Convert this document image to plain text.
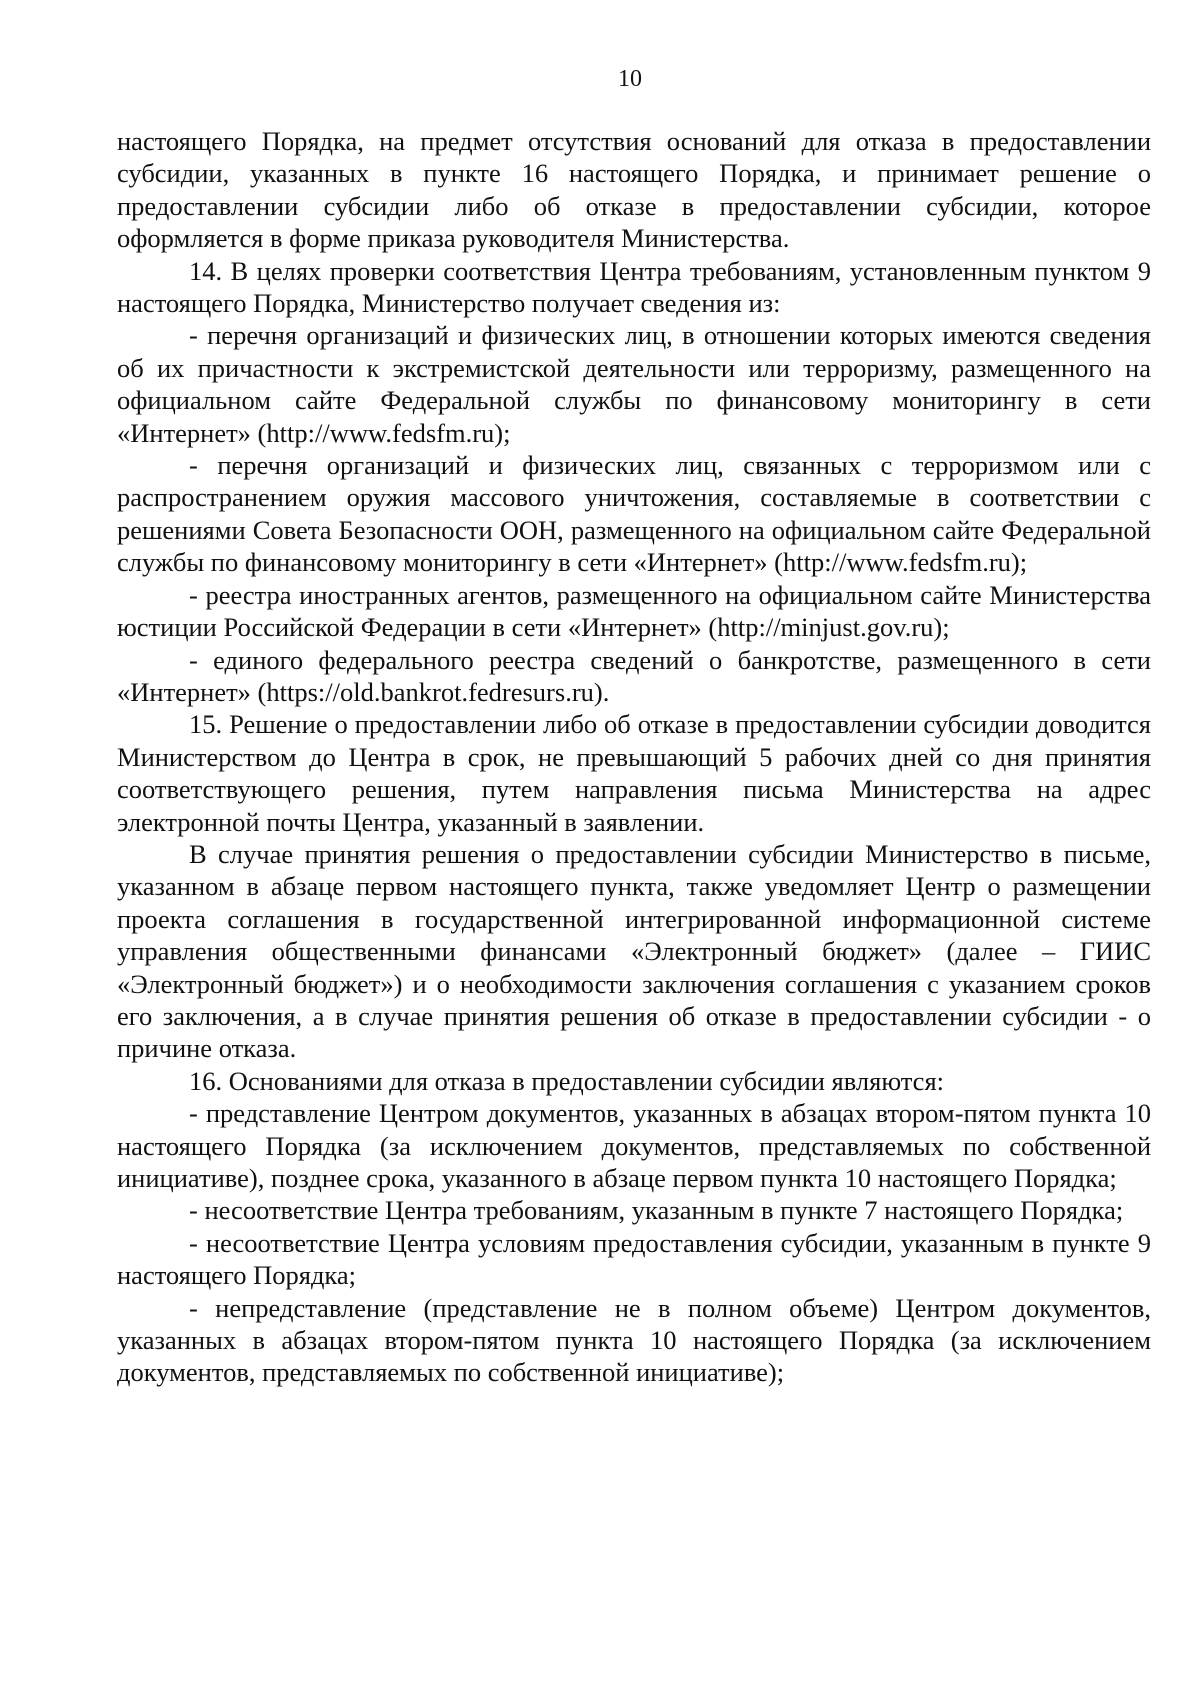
10

настоящего Порядка, на предмет отсутствия оснований для отказа в предоставлении субсидии, указанных в пункте 16 настоящего Порядка, и принимает решение о предоставлении субсидии либо об отказе в предоставлении субсидии, которое оформляется в форме приказа руководителя Министерства.

14. В целях проверки соответствия Центра требованиям, установленным пунктом 9 настоящего Порядка, Министерство получает сведения из:

- перечня организаций и физических лиц, в отношении которых имеются сведения об их причастности к экстремистской деятельности или терроризму, размещенного на официальном сайте Федеральной службы по финансовому мониторингу в сети «Интернет» (http://www.fedsfm.ru);

- перечня организаций и физических лиц, связанных с терроризмом или с распространением оружия массового уничтожения, составляемые в соответствии с решениями Совета Безопасности ООН, размещенного на официальном сайте Федеральной службы по финансовому мониторингу в сети «Интернет» (http://www.fedsfm.ru);

- реестра иностранных агентов, размещенного на официальном сайте Министерства юстиции Российской Федерации в сети «Интернет» (http://minjust.gov.ru);

- единого федерального реестра сведений о банкротстве, размещенного в сети «Интернет» (https://old.bankrot.fedresurs.ru).

15. Решение о предоставлении либо об отказе в предоставлении субсидии доводится Министерством до Центра в срок, не превышающий 5 рабочих дней со дня принятия соответствующего решения, путем направления письма Министерства на адрес электронной почты Центра, указанный в заявлении.

В случае принятия решения о предоставлении субсидии Министерство в письме, указанном в абзаце первом настоящего пункта, также уведомляет Центр о размещении проекта соглашения в государственной интегрированной информационной системе управления общественными финансами «Электронный бюджет» (далее – ГИИС «Электронный бюджет») и о необходимости заключения соглашения с указанием сроков его заключения, а в случае принятия решения об отказе в предоставлении субсидии - о причине отказа.

16. Основаниями для отказа в предоставлении субсидии являются:

- представление Центром документов, указанных в абзацах втором-пятом пункта 10 настоящего Порядка (за исключением документов, представляемых по собственной инициативе), позднее срока, указанного в абзаце первом пункта 10 настоящего Порядка;

- несоответствие Центра требованиям, указанным в пункте 7 настоящего Порядка;

- несоответствие Центра условиям предоставления субсидии, указанным в пункте 9 настоящего Порядка;

- непредставление (представление не в полном объеме) Центром документов, указанных в абзацах втором-пятом пункта 10 настоящего Порядка (за исключением документов, представляемых по собственной инициативе);
